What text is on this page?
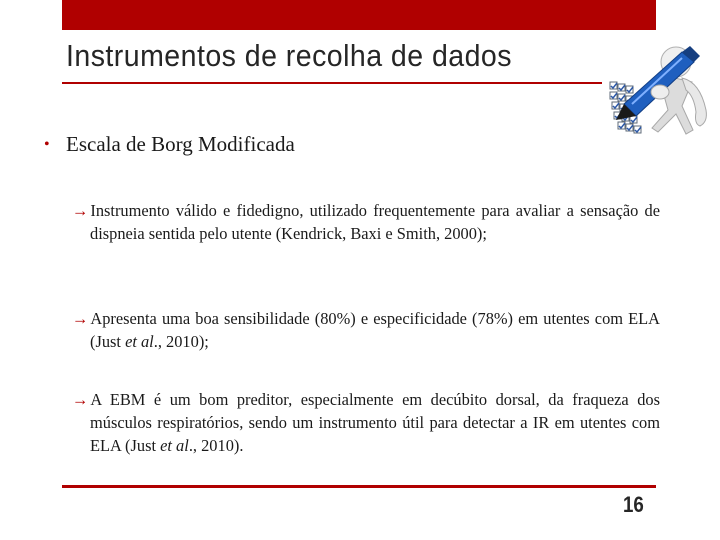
Instrumentos de recolha de dados
• Escala de Borg Modificada
→ Instrumento válido e fidedigno, utilizado frequentemente para avaliar a sensação de dispneia sentida pelo utente (Kendrick, Baxi e Smith, 2000);
→ Apresenta uma boa sensibilidade (80%) e especificidade (78%) em utentes com ELA (Just et al., 2010);
→ A EBM é um bom preditor, especialmente em decúbito dorsal, da fraqueza dos músculos respiratórios, sendo um instrumento útil para detectar a IR em utentes com ELA (Just et al., 2010).
16
